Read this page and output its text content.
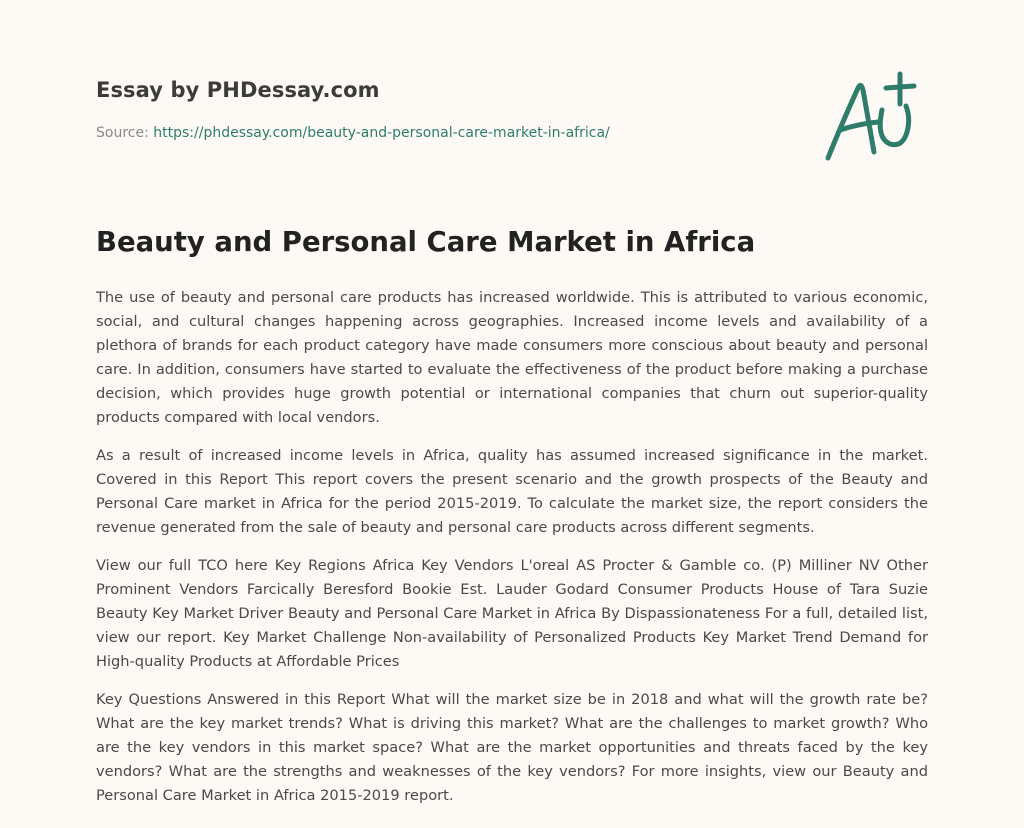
Essay by PHDessay.com
Source: https://phdessay.com/beauty-and-personal-care-market-in-africa/
Beauty and Personal Care Market in Africa

The use of beauty and personal care products has increased worldwide. This is attributed to various economic, social, and cultural changes happening across geographies. Increased income levels and availability of a plethora of brands for each product category have made consumers more conscious about beauty and personal care. In addition, consumers have started to evaluate the effectiveness of the product before making a purchase decision, which provides huge growth potential or international companies that churn out superior-quality products compared with local vendors.

As a result of increased income levels in Africa, quality has assumed increased significance in the market. Covered in this Report This report covers the present scenario and the growth prospects of the Beauty and Personal Care market in Africa for the period 2015-2019. To calculate the market size, the report considers the revenue generated from the sale of beauty and personal care products across different segments.

View our full TCO here Key Regions Africa Key Vendors L'oreal AS Procter & Gamble co. (P) Milliner NV Other Prominent Vendors Farcically Beresford Bookie Est. Lauder Godard Consumer Products House of Tara Suzie Beauty Key Market Driver Beauty and Personal Care Market in Africa By Dispassionateness For a full, detailed list, view our report. Key Market Challenge Non-availability of Personalized Products Key Market Trend Demand for High-quality Products at Affordable Prices

Key Questions Answered in this Report What will the market size be in 2018 and what will the growth rate be? What are the key market trends? What is driving this market? What are the challenges to market growth? Who are the key vendors in this market space? What are the market opportunities and threats faced by the key vendors? What are the strengths and weaknesses of the key vendors? For more insights, view our Beauty and Personal Care Market in Africa 2015-2019 report.
